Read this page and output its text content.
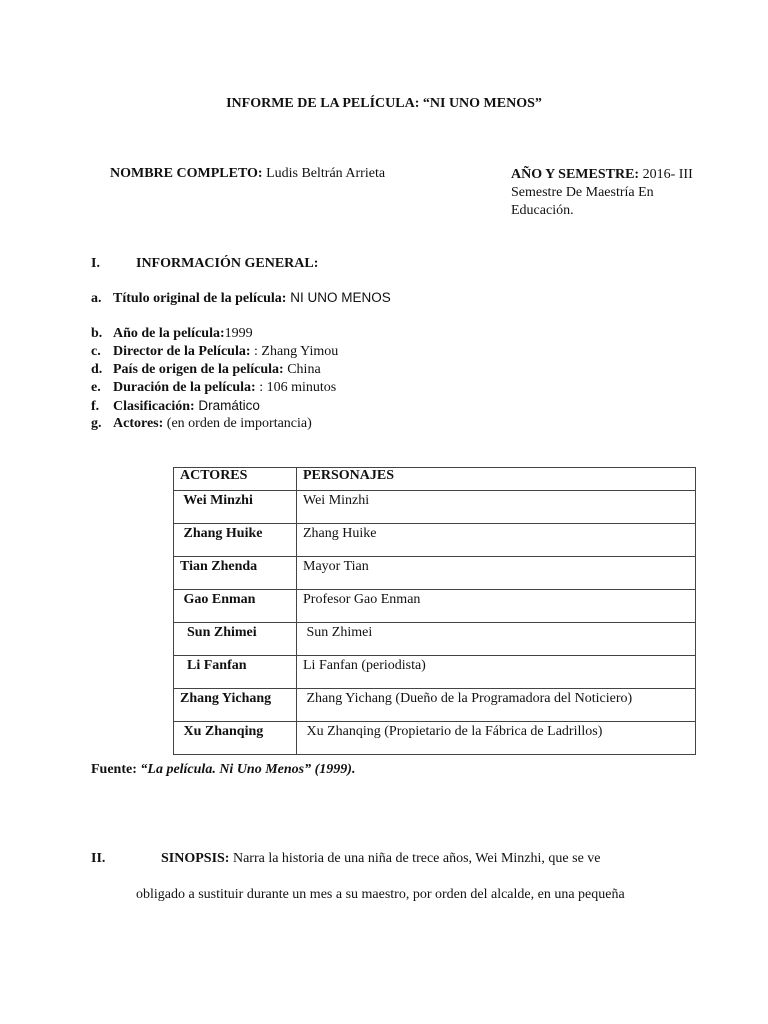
INFORME DE LA PELÍCULA: “NI UNO MENOS”
NOMBRE COMPLETO: Ludis Beltrán Arrieta	AÑO Y SEMESTRE: 2016- III
Semestre De Maestría En
Educación.
I.	INFORMACIÓN GENERAL:
a. Título original de la película: NI UNO MENOS
b. Año de la película:1999
c. Director de la Película: : Zhang Yimou
d. País de origen de la película: China
e. Duración de la película: : 106 minutos
f. Clasificación: Dramático
g. Actores: (en orden de importancia)
ACTORES	PERSONAJES
Wei Minzhi	Wei Minzhi
Zhang Huike	Zhang Huike
Tian Zhenda	Mayor Tian
Gao Enman	Profesor Gao Enman
Sun Zhimei	Sun Zhimei
Li Fanfan	Li Fanfan (periodista)
Zhang Yichang	Zhang Yichang (Dueño de la Programadora del Noticiero)
Xu Zhanqing	Xu Zhanqing (Propietario de la Fábrica de Ladrillos)
Fuente: “La película. Ni Uno Menos” (1999).
II.	SINOPSIS: Narra la historia de una niña de trece años, Wei Minzhi, que se ve
obligado a sustituir durante un mes a su maestro, por orden del alcalde, en una pequeña
